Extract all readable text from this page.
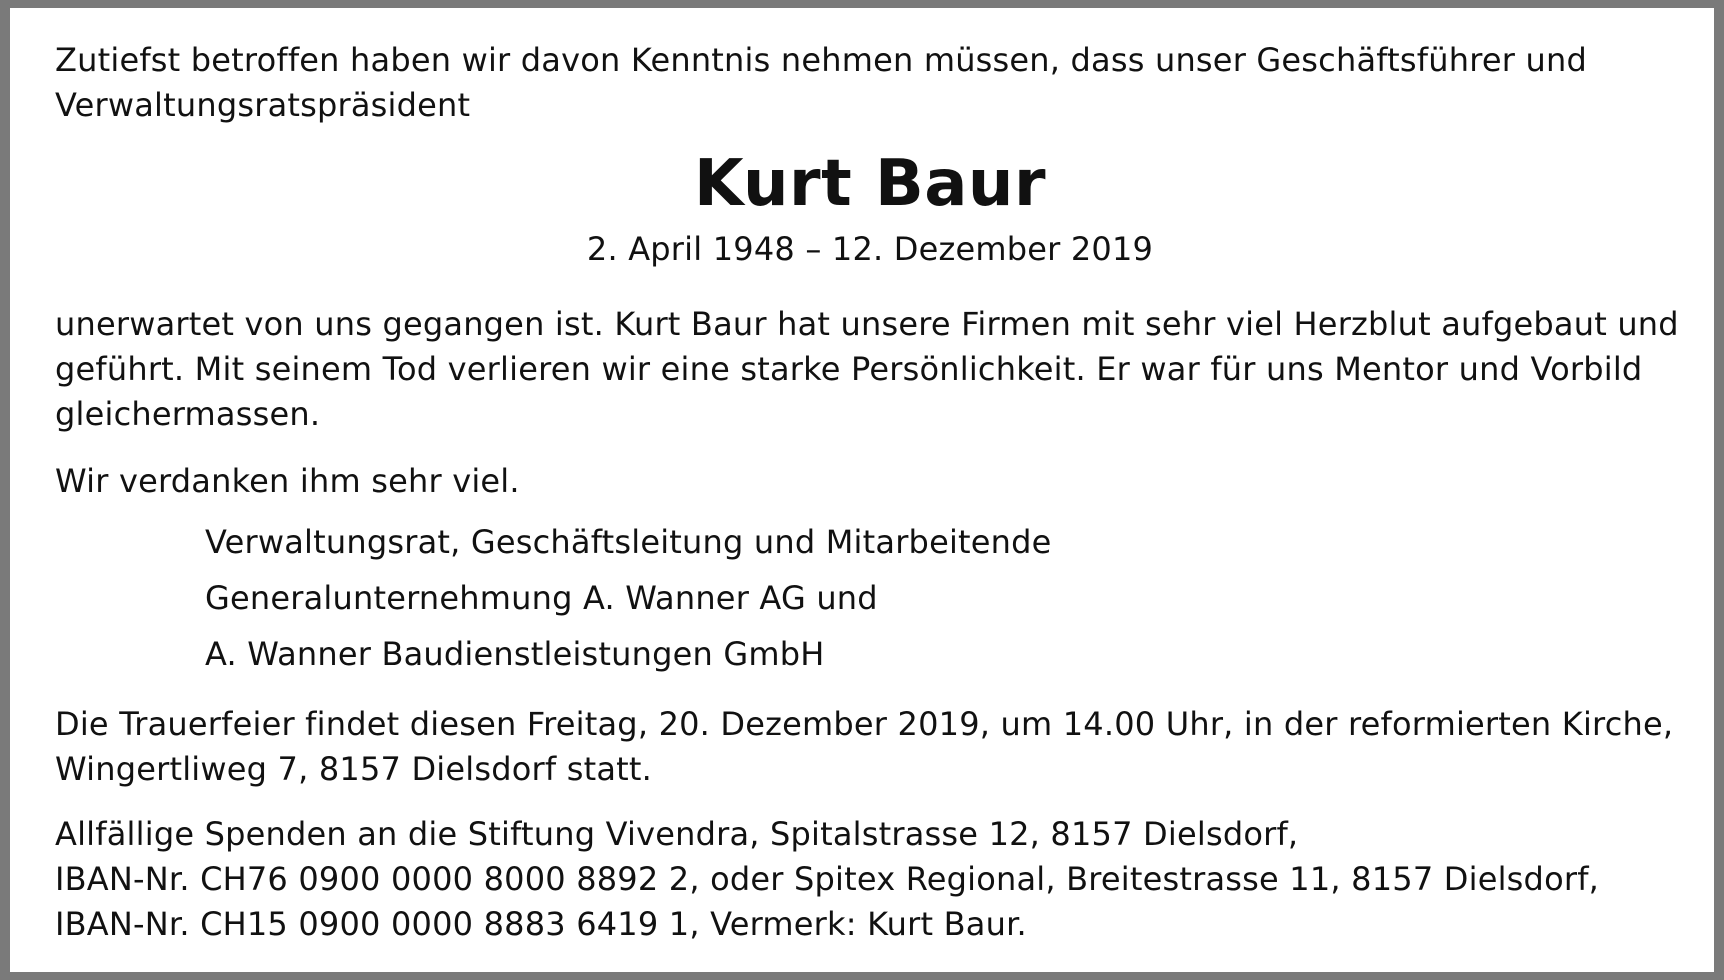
Zutiefst betroffen haben wir davon Kenntnis nehmen müssen, dass unser Geschäftsführer und
Verwaltungsratspräsident
Kurt Baur
2. April 1948 – 12. Dezember 2019
unerwartet von uns gegangen ist. Kurt Baur hat unsere Firmen mit sehr viel Herzblut aufgebaut und
geführt. Mit seinem Tod verlieren wir eine starke Persönlichkeit. Er war für uns Mentor und Vorbild
gleichermassen.
Wir verdanken ihm sehr viel.
Verwaltungsrat, Geschäftsleitung und Mitarbeitende
Generalunternehmung A. Wanner AG und
A. Wanner Baudienstleistungen GmbH
Die Trauerfeier findet diesen Freitag, 20. Dezember 2019, um 14.00 Uhr, in der reformierten Kirche,
Wingertliweg 7, 8157 Dielsdorf statt.
Allfällige Spenden an die Stiftung Vivendra, Spitalstrasse 12, 8157 Dielsdorf,
IBAN-Nr. CH76 0900 0000 8000 8892 2, oder Spitex Regional, Breitestrasse 11, 8157 Dielsdorf,
IBAN-Nr. CH15 0900 0000 8883 6419 1, Vermerk: Kurt Baur.
